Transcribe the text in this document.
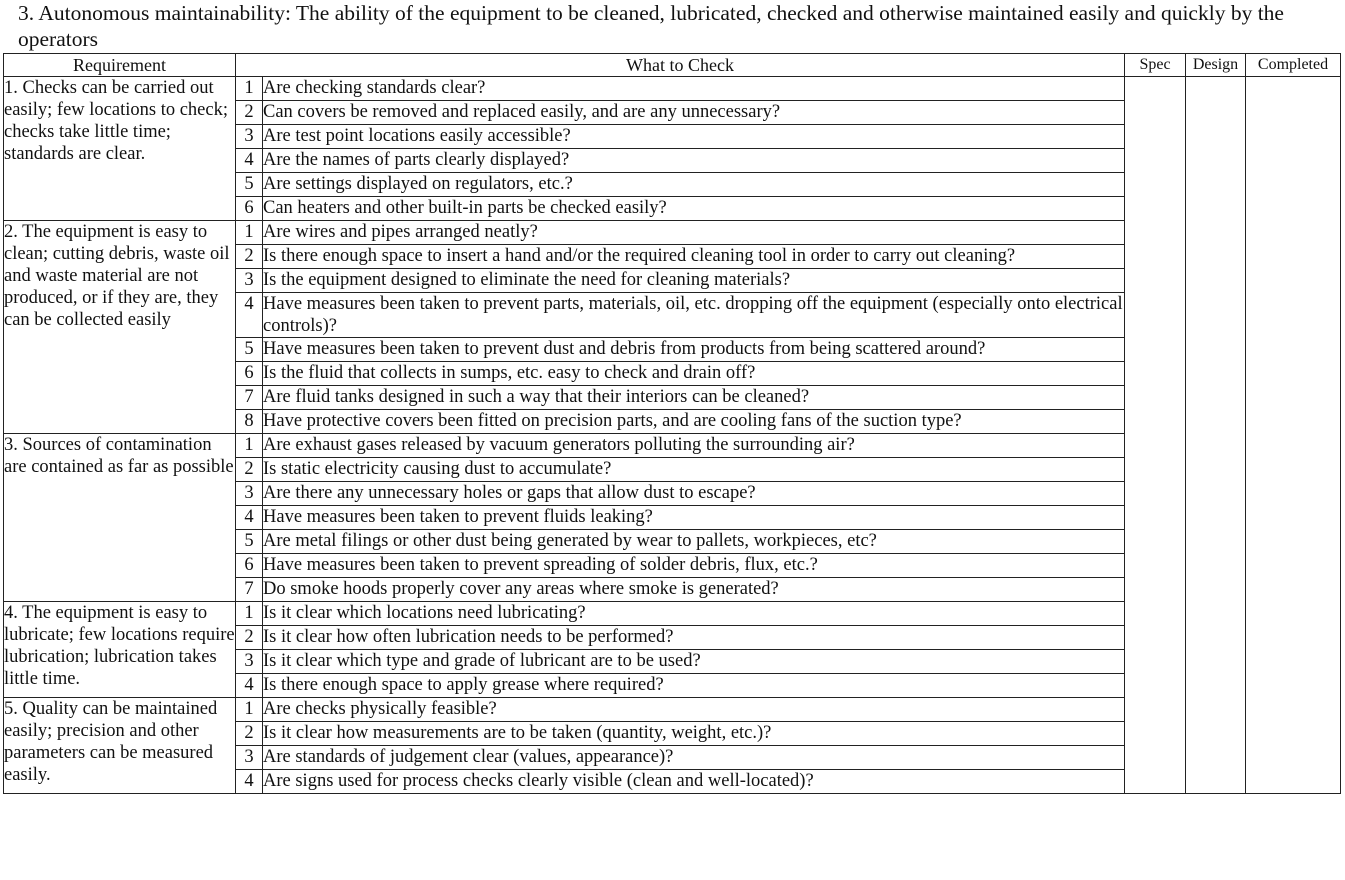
3. Autonomous maintainability: The ability of the equipment to be cleaned, lubricated, checked and otherwise maintained easily and quickly by the operators
Requirement	What to Check		Spec	Design	Completed
1. Checks can be carried out easily; few locations to check; checks take little time; standards are clear.	1	Are checking standards clear?			
	2	Can covers be removed and replaced easily, and are any unnecessary?			
	3	Are test point locations easily accessible?			
	4	Are the names of parts clearly displayed?			
	5	Are settings displayed on regulators, etc.?			
	6	Can heaters and other built-in parts be checked easily?			
2. The equipment is easy to clean; cutting debris, waste oil and waste material are not produced, or if they are, they can be collected easily	1	Are wires and pipes arranged neatly?			
	2	Is there enough space to insert a hand and/or the required cleaning tool in order to carry out cleaning?			
	3	Is the equipment designed to eliminate the need for cleaning materials?			
	4	Have measures been taken to prevent parts, materials, oil, etc. dropping off the equipment (especially onto electrical controls)?			
	5	Have measures been taken to prevent dust and debris from products from being scattered around?			
	6	Is the fluid that collects in sumps, etc. easy to check and drain off?			
	7	Are fluid tanks designed in such a way that their interiors can be cleaned?			
	8	Have protective covers been fitted on precision parts, and are cooling fans of the suction type?			
3. Sources of contamination are contained as far as possible	1	Are exhaust gases released by vacuum generators polluting the surrounding air?			
	2	Is static electricity causing dust to accumulate?			
	3	Are there any unnecessary holes or gaps that allow dust to escape?			
	4	Have measures been taken to prevent fluids leaking?			
	5	Are metal filings or other dust being generated by wear to pallets, workpieces, etc?			
	6	Have measures been taken to prevent spreading of solder debris, flux, etc.?			
	7	Do smoke hoods properly cover any areas where smoke is generated?			
4. The equipment is easy to lubricate; few locations require lubrication; lubrication takes little time.	1	Is it clear which locations need lubricating?			
	2	Is it clear how often lubrication needs to be performed?			
	3	Is it clear which type and grade of lubricant are to be used?			
	4	Is there enough space to apply grease where required?			
5. Quality can be maintained easily; precision and other parameters can be measured easily.	1	Are checks physically feasible?			
	2	Is it clear how measurements are to be taken (quantity, weight, etc.)?			
	3	Are standards of judgement clear (values, appearance)?			
	4	Are signs used for process checks clearly visible (clean and well-located)?			
